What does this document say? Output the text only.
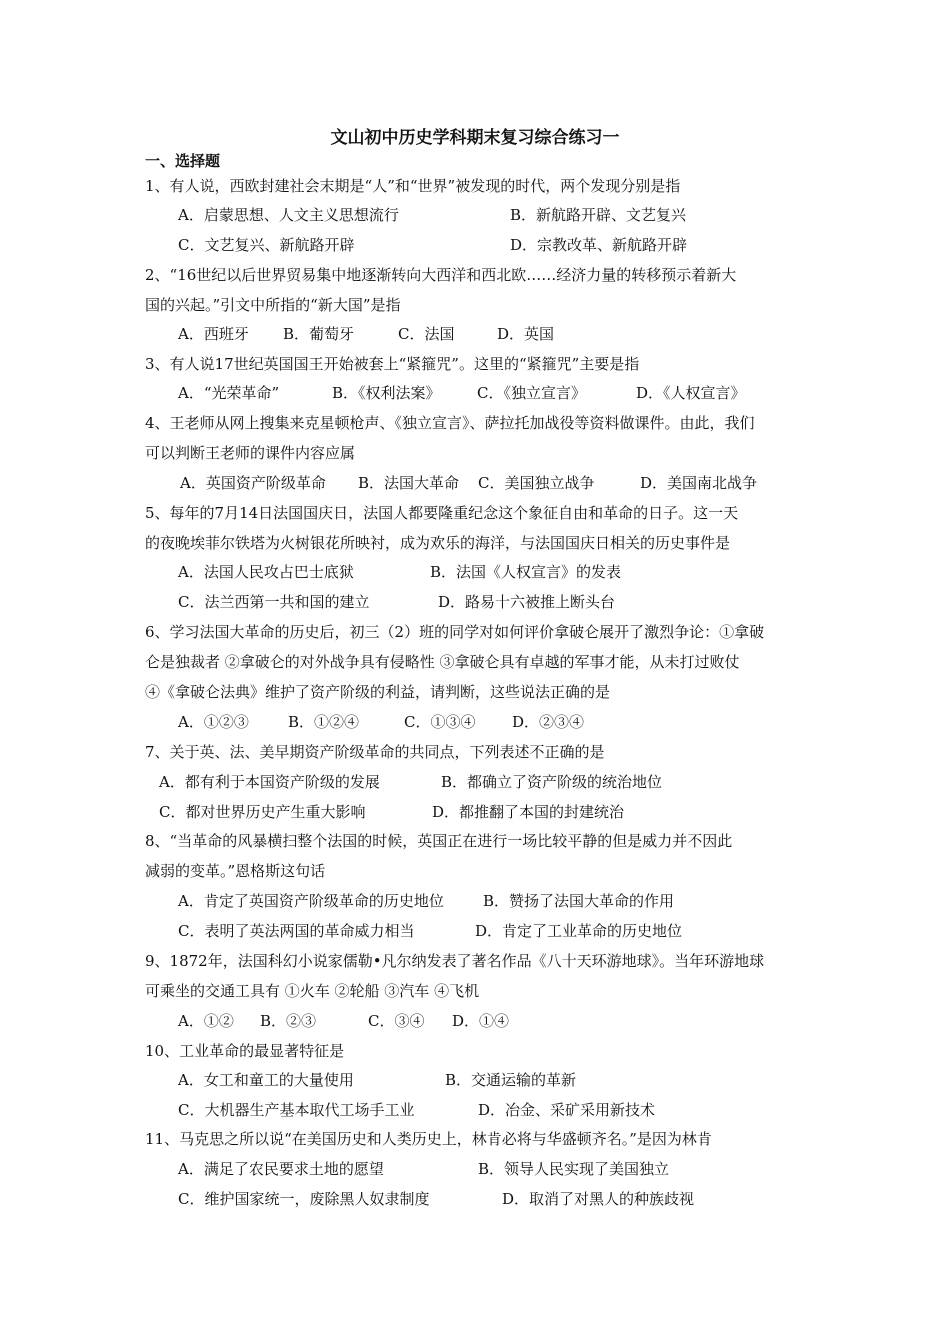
文山初中历史学科期末复习综合练习一
一、选择题
1、有人说，西欧封建社会末期是“人”和“世界”被发现的时代，两个发现分别是指
A．启蒙思想、人文主义思想流行	B．新航路开辟、文艺复兴
C．文艺复兴、新航路开辟	D．宗教改革、新航路开辟
2、“16世纪以后世界贸易集中地逐渐转向大西洋和西北欧……经济力量的转移预示着新大
国的兴起。”引文中所指的“新大国”是指
A．西班牙 B．葡萄牙	C．法国	D．英国
3、有人说17世纪英国国王开始被套上“紧箍咒”。这里的“紧箍咒”主要是指
A．“光荣革命”	B．《权利法案》 C．《独立宣言》	D．《人权宣言》
4、王老师从网上搜集来克星顿枪声、《独立宣言》、萨拉托加战役等资料做课件。由此，我们
可以判断王老师的课件内容应属
A．英国资产阶级革命 B．法国大革命 C．美国独立战争	D．美国南北战争
5、每年的7月14日法国国庆日，法国人都要隆重纪念这个象征自由和革命的日子。这一天
的夜晚埃菲尔铁塔为火树银花所映衬，成为欢乐的海洋，与法国国庆日相关的历史事件是
A．法国人民攻占巴士底狱	B．法国《人权宣言》的发表
C．法兰西第一共和国的建立	D．路易十六被推上断头台
6、学习法国大革命的历史后，初三（2）班的同学对如何评价拿破仑展开了激烈争论：①拿破
仑是独裁者 ②拿破仑的对外战争具有侵略性 ③拿破仑具有卓越的军事才能，从未打过败仗
④《拿破仑法典》维护了资产阶级的利益，请判断，这些说法正确的是
A．①②③	B．①②④	C．①③④ D．②③④
7、关于英、法、美早期资产阶级革命的共同点，下列表述不正确的是
A．都有利于本国资产阶级的发展	B．都确立了资产阶级的统治地位
C．都对世界历史产生重大影响	D．都推翻了本国的封建统治
8、“当革命的风暴横扫整个法国的时候，英国正在进行一场比较平静的但是威力并不因此
减弱的变革。”恩格斯这句话
A．肯定了英国资产阶级革命的历史地位	B．赞扬了法国大革命的作用
C．表明了英法两国的革命威力相当	D．肯定了工业革命的历史地位
9、1872年，法国科幻小说家儒勒•凡尔纳发表了著名作品《八十天环游地球》。当年环游地球
可乘坐的交通工具有 ①火车 ②轮船 ③汽车 ④飞机
A．①② B．②③	C．③④ D．①④
10、工业革命的最显著特征是
A．女工和童工的大量使用	B．交通运输的革新
C．大机器生产基本取代工场手工业	D．冶金、采矿采用新技术
11、马克思之所以说“在美国历史和人类历史上，林肯必将与华盛顿齐名。”是因为林肯
A．满足了农民要求土地的愿望	B．领导人民实现了美国独立
C．维护国家统一，废除黑人奴隶制度	D．取消了对黑人的种族歧视
